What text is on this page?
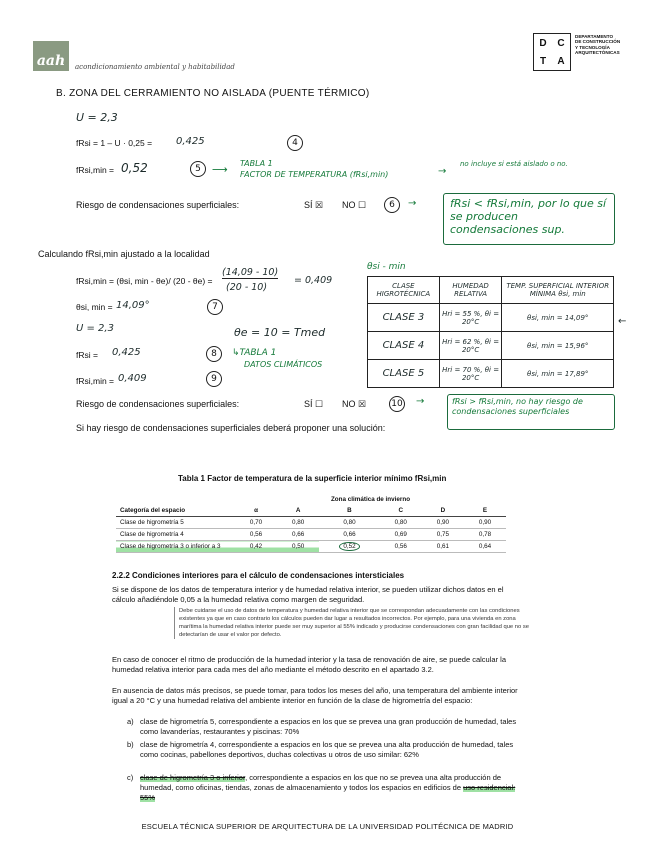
aah	acondicionamiento ambiental y habitabilidad
D	C
T	A
DEPARTAMENTO
DE CONSTRUCCIÓN
Y TECNOLOGÍA
ARQUITECTÓNICAS
B. ZONA DEL CERRAMIENTO NO AISLADA (PUENTE TÉRMICO)
U = 2,3
fRsi = 1 – U · 0,25 = 0,425	4
fRsi,min = 0,52	5	⟶ TABLA 1
FACTOR DE TEMPERATURA (fRsi,min)	→
no incluye si está aislado o no.
Riesgo de condensaciones superficiales:	SÍ ☒ NO ☐	6	→	fRsi < fRsi,min, por lo que sí se producen condensaciones sup.
Calculando fRsi,min ajustado a la localidad
fRsi,min = (θsi, min - θe)/ (20 - θe) =
(14,09 - 10)
(20 - 10)
= 0,409
θsi, min = 14,09°	7
U = 2,3	θe = 10 = Tmed
fRsi = 0,425	8	↳TABLA 1
DATOS CLIMÁTICOS
fRsi,min = 0,409	9
Riesgo de condensaciones superficiales:	SÍ ☐ NO ☒	10 →	fRsi > fRsi,min, no hay riesgo de condensaciones superficiales
Si hay riesgo de condensaciones superficiales deberá proponer una solución:
θsi - min
CLASE HIGROTÉCNICA	HUMEDAD RELATIVA	TEMP. SUPERFICIAL INTERIOR MÍNIMA θsi, min
CLASE 3	Hri = 55 %, θi = 20°C	θsi, min = 14,09°
CLASE 4	Hri = 62 %, θi = 20°C	θsi, min = 15,96°
CLASE 5	Hri = 70 %, θi = 20°C	θsi, min = 17,89°
←
Tabla 1 Factor de temperatura de la superficie interior mínimo fRsi,min
	Zona climática de invierno					
Categoría del espacio	α	A	B	C	D	E
Clase de higrometría 5	0,70	0,80	0,80	0,80	0,90	0,90
Clase de higrometría 4	0,56	0,66	0,66	0,69	0,75	0,78
Clase de higrometría 3 o inferior a 3	0,42	0,50	0,52	0,56	0,61	0,64
2.2.2 Condiciones interiores para el cálculo de condensaciones intersticiales
Si se dispone de los datos de temperatura interior y de humedad relativa interior, se pueden utilizar dichos datos en el cálculo añadiéndole 0,05 a la humedad relativa como margen de seguridad.
Debe cuidarse el uso de datos de temperatura y humedad relativa interior que se correspondan adecuadamente con las condiciones existentes ya que en caso contrario los cálculos pueden dar lugar a resultados incorrectos. Por ejemplo, para una vivienda en zona marítima la humedad relativa interior puede ser muy superior al 55% indicado y producirse condensaciones con gran facilidad que no se detectarían de usar el valor por defecto.
En caso de conocer el ritmo de producción de la humedad interior y la tasa de renovación de aire, se puede calcular la humedad relativa interior para cada mes del año mediante el método descrito en el apartado 3.2.
En ausencia de datos más precisos, se puede tomar, para todos los meses del año, una temperatura del ambiente interior igual a 20 °C y una humedad relativa del ambiente interior en función de la clase de higrometría del espacio:
a) clase de higrometría 5, correspondiente a espacios en los que se prevea una gran producción de humedad, tales como lavanderías, restaurantes y piscinas: 70%
b) clase de higrometría 4, correspondiente a espacios en los que se prevea una alta producción de humedad, tales como cocinas, pabellones deportivos, duchas colectivas u otros de uso similar: 62%
c) clase de higrometría 3 o inferior, correspondiente a espacios en los que no se prevea una alta producción de humedad, como oficinas, tiendas, zonas de almacenamiento y todos los espacios en edificios de uso residencial: 55%
ESCUELA TÉCNICA SUPERIOR DE ARQUITECTURA DE LA UNIVERSIDAD POLITÉCNICA DE MADRID
